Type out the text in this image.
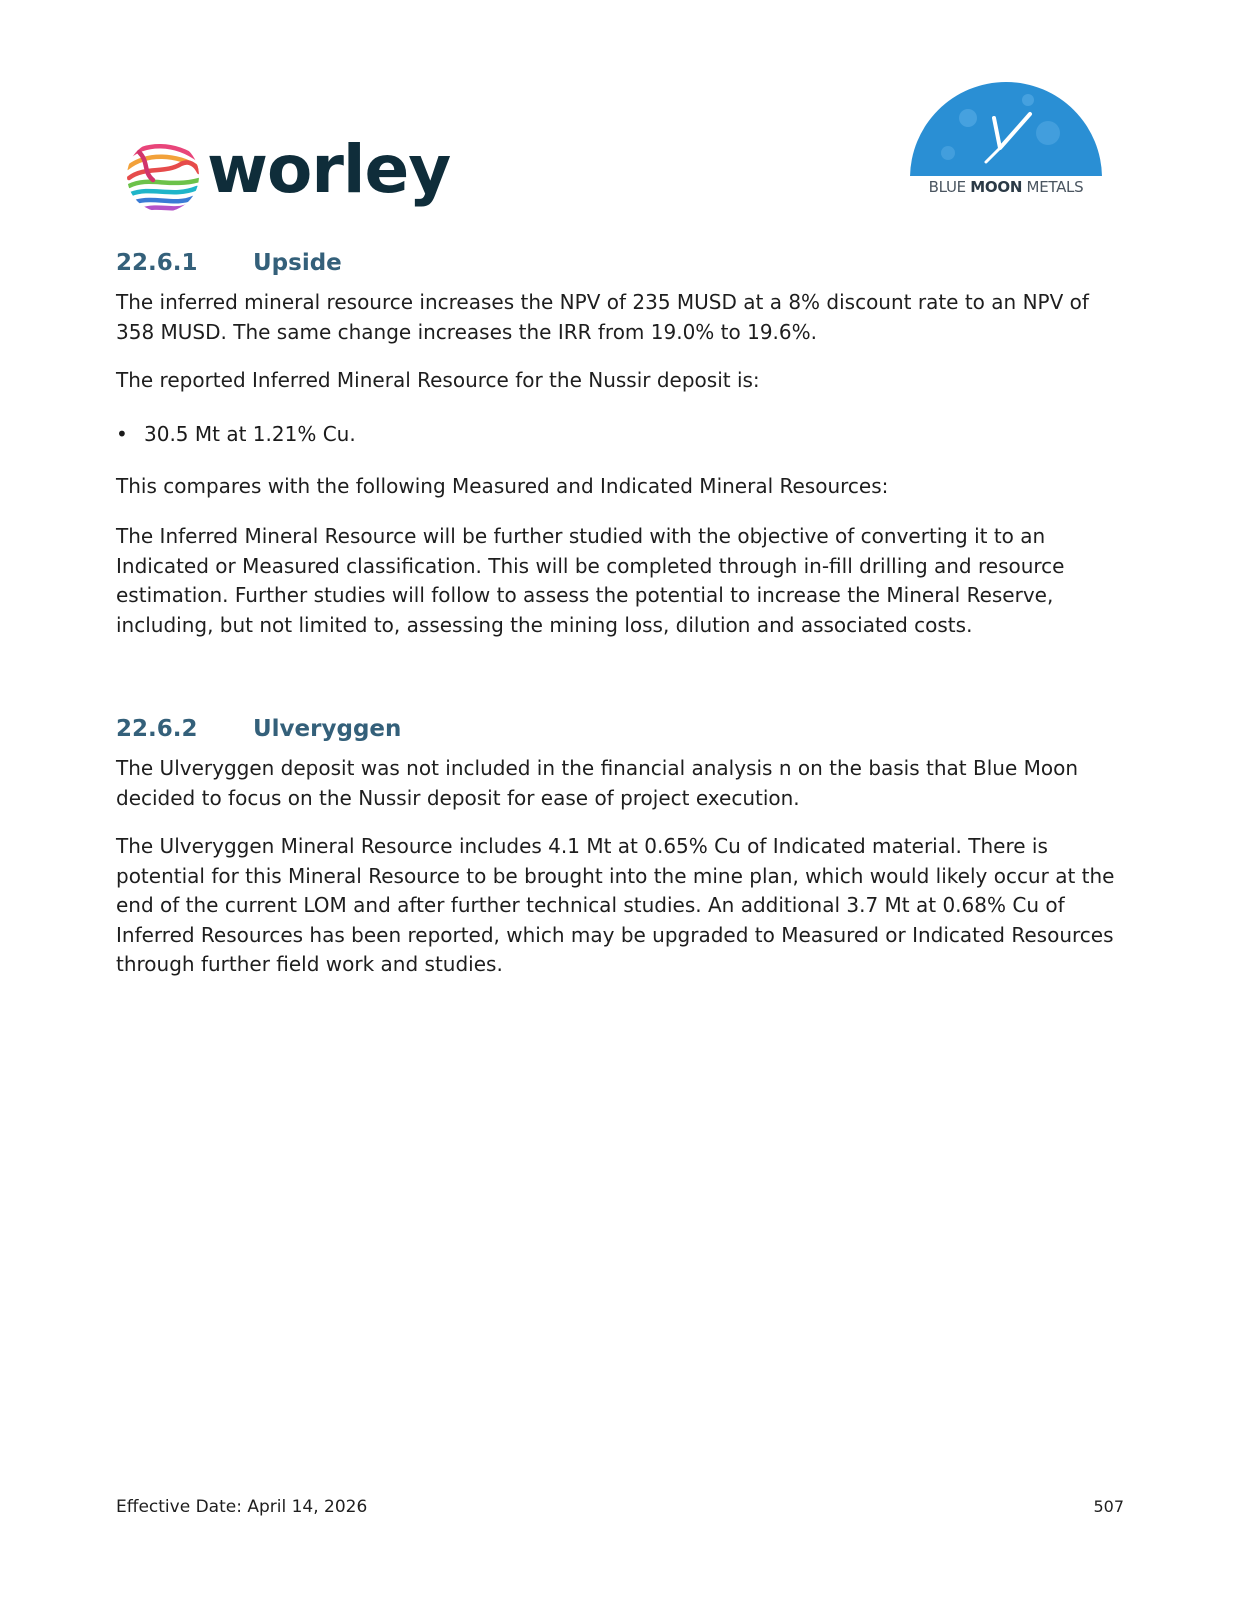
worley	BLUE MOON METALS
22.6.1	Upside

The inferred mineral resource increases the NPV of 235 MUSD at a 8% discount rate to an NPV of 358 MUSD. The same change increases the IRR from 19.0% to 19.6%.

The reported Inferred Mineral Resource for the Nussir deposit is:

• 30.5 Mt at 1.21% Cu.

This compares with the following Measured and Indicated Mineral Resources:

The Inferred Mineral Resource will be further studied with the objective of converting it to an Indicated or Measured classification. This will be completed through in-fill drilling and resource estimation. Further studies will follow to assess the potential to increase the Mineral Reserve, including, but not limited to, assessing the mining loss, dilution and associated costs.

22.6.2	Ulveryggen

The Ulveryggen deposit was not included in the financial analysis n on the basis that Blue Moon decided to focus on the Nussir deposit for ease of project execution.

The Ulveryggen Mineral Resource includes 4.1 Mt at 0.65% Cu of Indicated material. There is potential for this Mineral Resource to be brought into the mine plan, which would likely occur at the end of the current LOM and after further technical studies. An additional 3.7 Mt at 0.68% Cu of Inferred Resources has been reported, which may be upgraded to Measured or Indicated Resources through further field work and studies.

Effective Date: April 14, 2026	507
